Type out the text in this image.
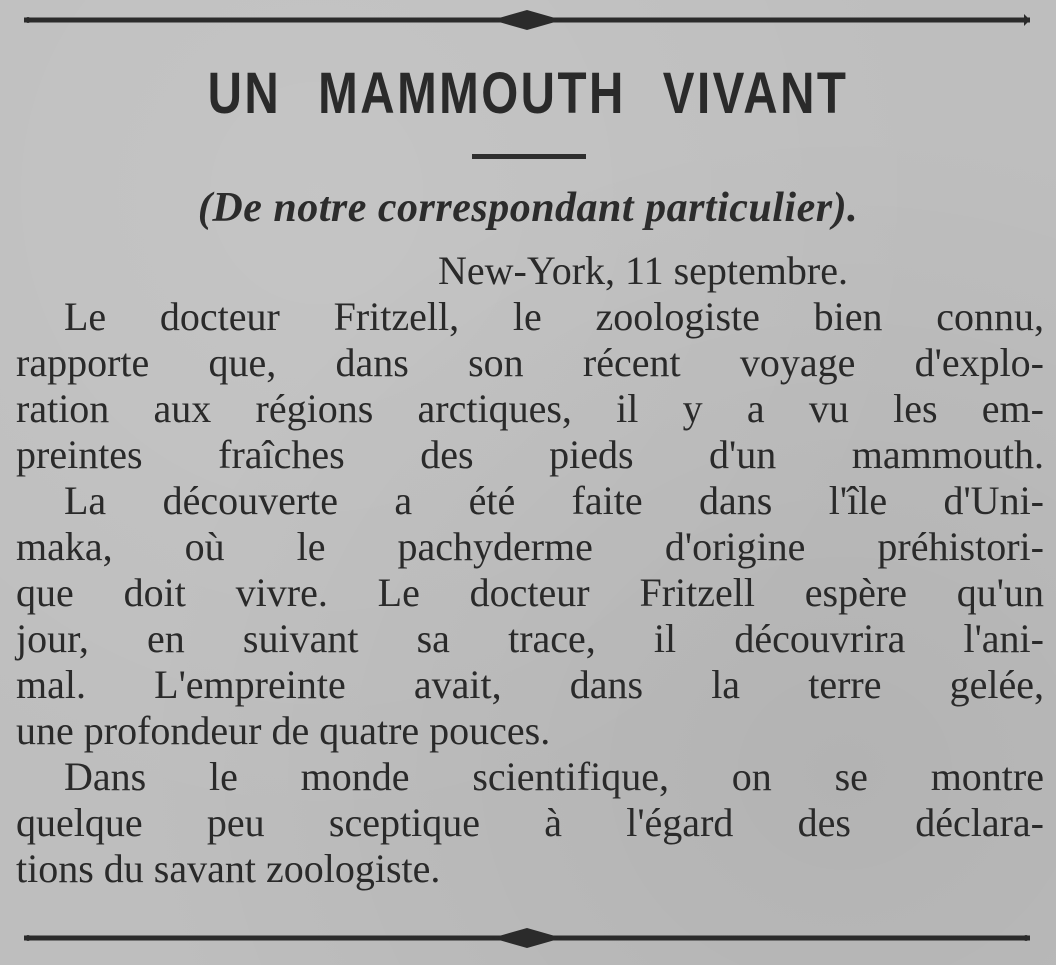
UN MAMMOUTH VIVANT
(De notre correspondant particulier).
New-York, 11 septembre.
Le docteur Fritzell, le zoologiste bien connu,
rapporte que, dans son récent voyage d'explo-
ration aux régions arctiques, il y a vu les em-
preintes fraîches des pieds d'un mammouth.
La découverte a été faite dans l'île d'Uni-
maka, où le pachyderme d'origine préhistori-
que doit vivre. Le docteur Fritzell espère qu'un
jour, en suivant sa trace, il découvrira l'ani-
mal. L'empreinte avait, dans la terre gelée,
une profondeur de quatre pouces.
Dans le monde scientifique, on se montre
quelque peu sceptique à l'égard des déclara-
tions du savant zoologiste.
